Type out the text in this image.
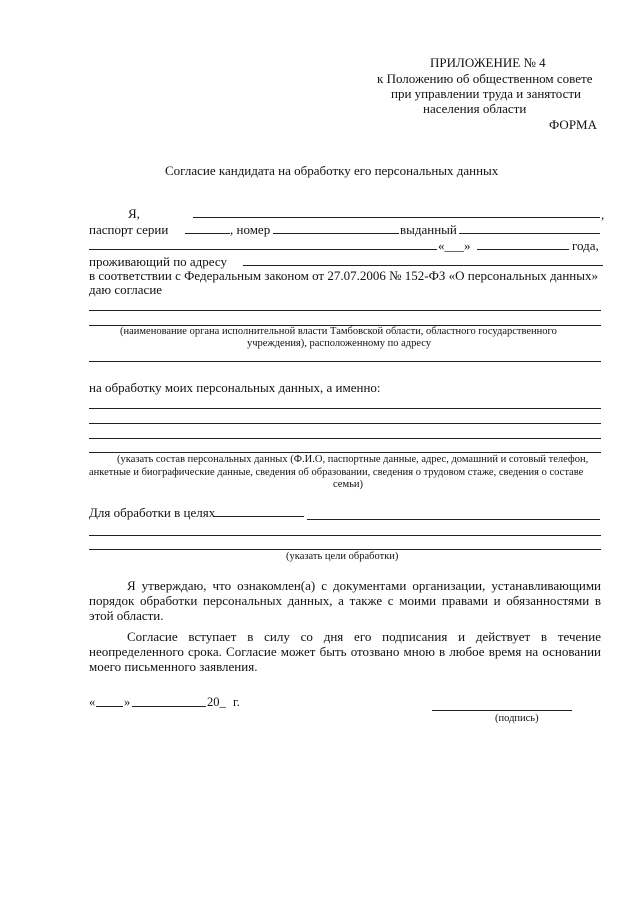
ПРИЛОЖЕНИЕ № 4
к Положению об общественном совете
при управлении труда и занятости
населения области
ФОРМА
Согласие кандидата на обработку его персональных данных
Я,	,
паспорт серии	, номер	выданный
«___»	года,
проживающий по адресу
в соответствии с Федеральным законом от 27.07.2006 № 152-ФЗ «О персональных данных»
даю согласие
(наименование органа исполнительной власти Тамбовской области, областного государственного
учреждения), расположенному по адресу
на обработку моих персональных данных, а именно:
(указать состав персональных данных (Ф.И.О, паспортные данные, адрес, домашний и сотовый телефон,
анкетные и биографические данные, сведения об образовании, сведения о трудовом стаже, сведения о составе
семьи)
Для обработки в целях
(указать цели обработки)
Я утверждаю, что ознакомлен(а) с документами организации, устанавливающими порядок обработки персональных данных, а также с моими правами и обязанностями в этой области.
Согласие вступает в силу со дня его подписания и действует в течение неопределенного срока. Согласие может быть отозвано мною в любое время на основании моего письменного заявления.
« »	20_ г.
(подпись)
